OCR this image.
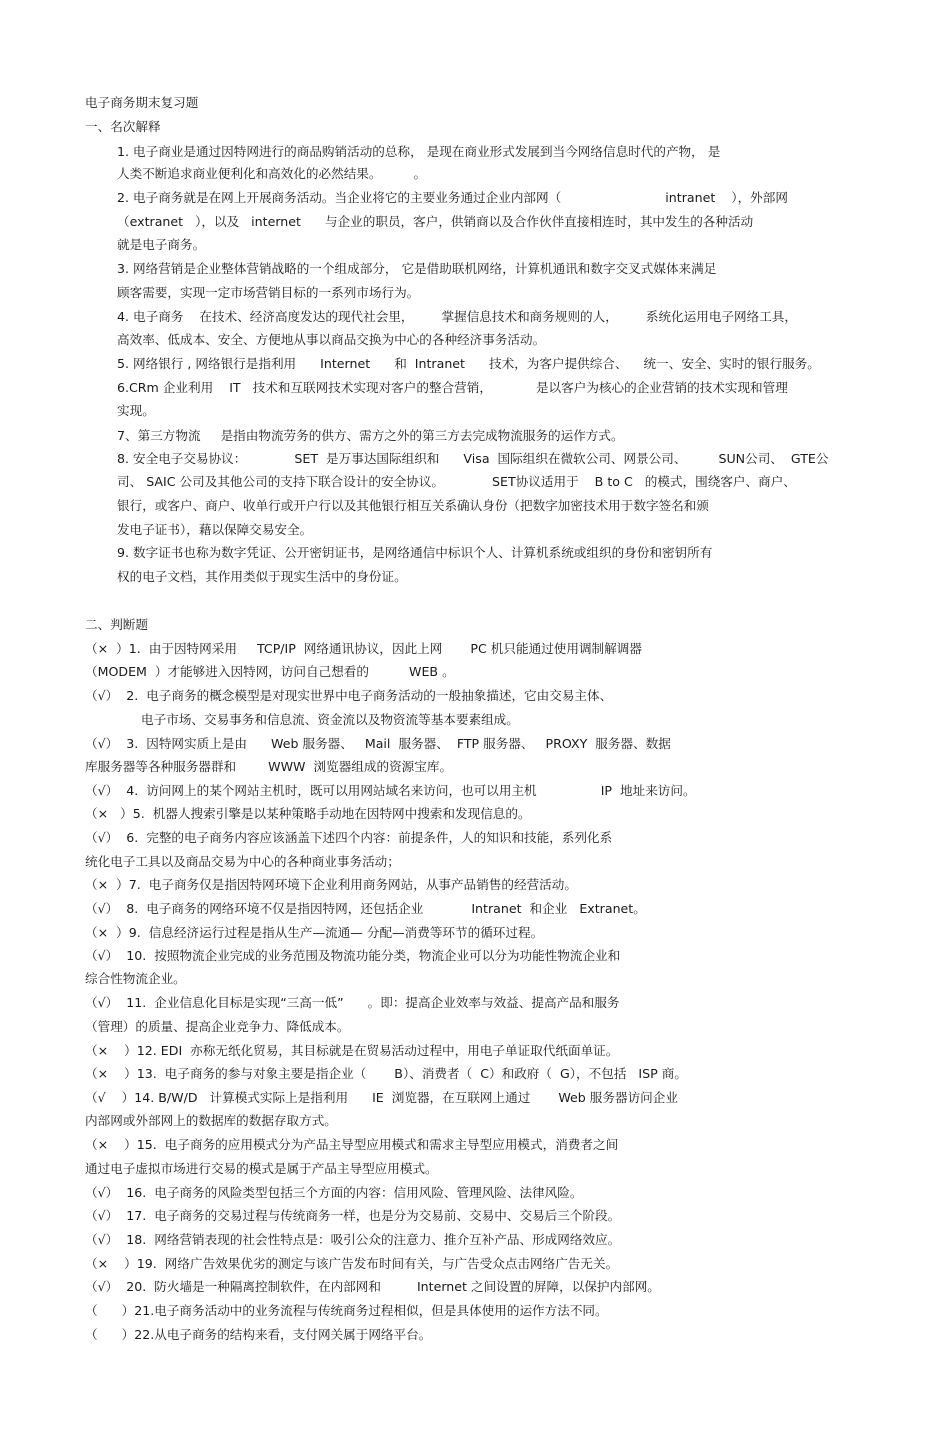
电子商务期末复习题
一、名次解释
1. 电子商业是通过因特网进行的商品购销活动的总称， 是现在商业形式发展到当今网络信息时代的产物， 是
人类不断追求商业便利化和高效化的必然结果。        。
2. 电子商务就是在网上开展商务活动。当企业将它的主要业务通过企业内部网（                          intranet    ），外部网
（extranet   ），以及   internet      与企业的职员，客户，供销商以及合作伙伴直接相连时，其中发生的各种活动
就是电子商务。
3. 网络营销是企业整体营销战略的一个组成部分， 它是借助联机网络，计算机通讯和数字交叉式媒体来满足
顾客需要，实现一定市场营销目标的一系列市场行为。
4. 电子商务    在技术、经济高度发达的现代社会里，       掌握信息技术和商务规则的人，       系统化运用电子网络工具，
高效率、低成本、安全、方便地从事以商品交换为中心的各种经济事务活动。
5. 网络银行 , 网络银行是指利用      Internet      和  Intranet      技术，为客户提供综合、    统一、安全、实时的银行服务。
6.CRm 企业利用    IT   技术和互联网技术实现对客户的整合营销，           是以客户为核心的企业营销的技术实现和管理
实现。
7、第三方物流     是指由物流劳务的供方、需方之外的第三方去完成物流服务的运作方式。
8. 安全电子交易协议：            SET  是万事达国际组织和      Visa  国际组织在微软公司、网景公司、        SUN公司、  GTE公
司、 SAIC 公司及其他公司的支持下联合设计的安全协议。            SET协议适用于    B to C   的模式，围绕客户、商户、
银行，或客户、商户、收单行或开户行以及其他银行相互关系确认身份（把数字加密技术用于数字签名和颁
发电子证书），藉以保障交易安全。
9. 数字证书也称为数字凭证、公开密钥证书，是网络通信中标识个人、计算机系统或组织的身份和密钥所有
权的电子文档，其作用类似于现实生活中的身份证。
二、判断题
（×  ）1.  由于因特网采用     TCP/IP  网络通讯协议，因此上网       PC 机只能通过使用调制解调器
（MODEM  ）才能够进入因特网，访问自己想看的          WEB 。
（√）  2.  电子商务的概念模型是对现实世界中电子商务活动的一般抽象描述，它由交易主体、
电子市场、交易事务和信息流、资金流以及物资流等基本要素组成。
（√）  3.  因特网实质上是由      Web 服务器、   Mail  服务器、  FTP 服务器、   PROXY  服务器、数据
库服务器等各种服务器群和        WWW  浏览器组成的资源宝库。
（√）  4.  访问网上的某个网站主机时，既可以用网站域名来访问，也可以用主机                IP  地址来访问。
（×   ）5.  机器人搜索引擎是以某种策略手动地在因特网中搜索和发现信息的。
（√）  6.  完整的电子商务内容应该涵盖下述四个内容：前提条件，人的知识和技能，系列化系
统化电子工具以及商品交易为中心的各种商业事务活动；
（×  ）7.  电子商务仅是指因特网环境下企业利用商务网站，从事产品销售的经营活动。
（√）  8.  电子商务的网络环境不仅是指因特网，还包括企业            Intranet  和企业   Extranet。
（×  ）9.  信息经济运行过程是指从生产—流通— 分配—消费等环节的循环过程。
（√）  10.  按照物流企业完成的业务范围及物流功能分类，物流企业可以分为功能性物流企业和
综合性物流企业。
（√）  11.  企业信息化目标是实现“三高一低”      。即：提高企业效率与效益、提高产品和服务
（管理）的质量、提高企业竞争力、降低成本。
（×    ）12. EDI  亦称无纸化贸易，其目标就是在贸易活动过程中，用电子单证取代纸面单证。
（×    ）13.  电子商务的参与对象主要是指企业（       B）、消费者（  C）和政府（  G），不包括   ISP 商。
（√    ）14. B/W/D   计算模式实际上是指利用      IE  浏览器，在互联网上通过       Web 服务器访问企业
内部网或外部网上的数据库的数据存取方式。
（×    ）15.  电子商务的应用模式分为产品主导型应用模式和需求主导型应用模式，消费者之间
通过电子虚拟市场进行交易的模式是属于产品主导型应用模式。
（√）  16.  电子商务的风险类型包括三个方面的内容：信用风险、管理风险、法律风险。
（√）  17.  电子商务的交易过程与传统商务一样，也是分为交易前、交易中、交易后三个阶段。
（√）  18.  网络营销表现的社会性特点是：吸引公众的注意力、推介互补产品、形成网络效应。
（×    ）19.  网络广告效果优劣的测定与该广告发布时间有关，与广告受众点击网络广告无关。
（√）  20.  防火墙是一种隔离控制软件，在内部网和         Internet 之间设置的屏障，以保护内部网。
（      ）21.电子商务活动中的业务流程与传统商务过程相似，但是具体使用的运作方法不同。
（      ）22.从电子商务的结构来看，支付网关属于网络平台。
